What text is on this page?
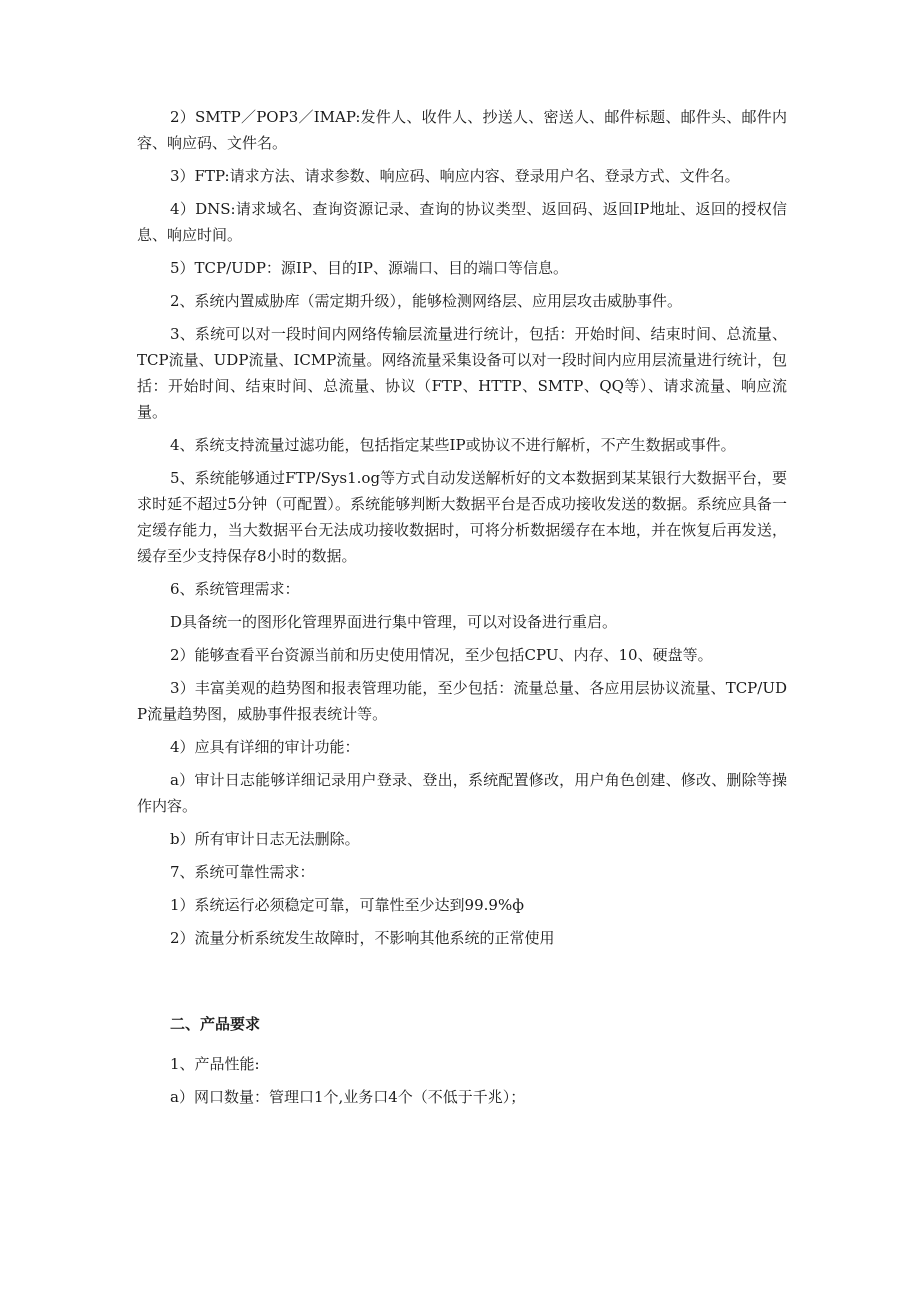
2）SMTP／POP3／IMAP:发件人、收件人、抄送人、密送人、邮件标题、邮件头、邮件内容、响应码、文件名。

3）FTP:请求方法、请求参数、响应码、响应内容、登录用户名、登录方式、文件名。

4）DNS:请求域名、查询资源记录、查询的协议类型、返回码、返回IP地址、返回的授权信息、响应时间。

5）TCP/UDP：源IP、目的IP、源端口、目的端口等信息。

2、系统内置威胁库（需定期升级），能够检测网络层、应用层攻击威胁事件。

3、系统可以对一段时间内网络传输层流量进行统计，包括：开始时间、结束时间、总流量、TCP流量、UDP流量、ICMP流量。网络流量采集设备可以对一段时间内应用层流量进行统计，包括：开始时间、结束时间、总流量、协议（FTP、HTTP、SMTP、QQ等）、请求流量、响应流量。

4、系统支持流量过滤功能，包括指定某些IP或协议不进行解析，不产生数据或事件。

5、系统能够通过FTP/Sys1.og等方式自动发送解析好的文本数据到某某银行大数据平台，要求时延不超过5分钟（可配置）。系统能够判断大数据平台是否成功接收发送的数据。系统应具备一定缓存能力，当大数据平台无法成功接收数据时，可将分析数据缓存在本地，并在恢复后再发送，缓存至少支持保存8小时的数据。

6、系统管理需求：

D具备统一的图形化管理界面进行集中管理，可以对设备进行重启。

2）能够查看平台资源当前和历史使用情况，至少包括CPU、内存、10、硬盘等。

3）丰富美观的趋势图和报表管理功能，至少包括：流量总量、各应用层协议流量、TCP/UDP流量趋势图，威胁事件报表统计等。

4）应具有详细的审计功能：

a）审计日志能够详细记录用户登录、登出，系统配置修改，用户角色创建、修改、删除等操作内容。

b）所有审计日志无法删除。

7、系统可靠性需求：

1）系统运行必须稳定可靠，可靠性至少达到99.9%ф

2）流量分析系统发生故障时，不影响其他系统的正常使用

二、产品要求

1、产品性能:

a）网口数量：管理口1个,业务口4个（不低于千兆）；
